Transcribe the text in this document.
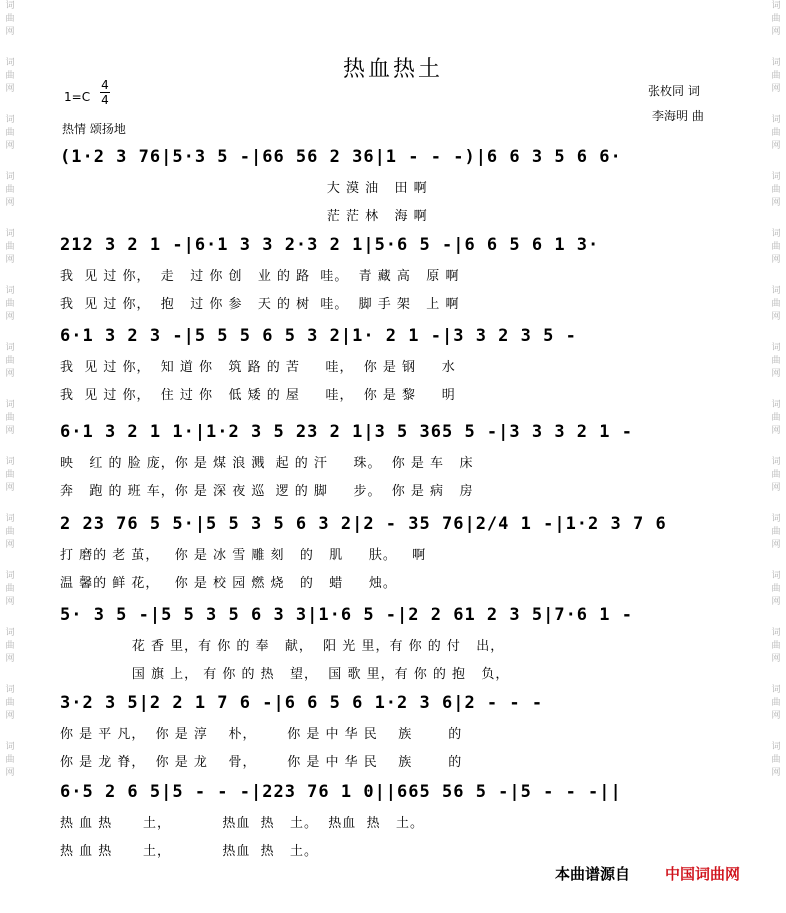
词
曲
网
词
曲
网
词
曲
网
词
曲
网
词
曲
网
词
曲
网
词
曲
网
词
曲
网
词
曲
网
词
曲
网
词
曲
网
词
曲
网
词
曲
网
词
曲
网
词
曲
网
词
曲
网
词
曲
网
词
曲
网
词
曲
网
词
曲
网
词
曲
网
词
曲
网
词
曲
网
词
曲
网
词
曲
网
词
曲
网
词
曲
网
词
曲
网
热血热土
1=C
4
4
热情 颂扬地
张枚同 词
李海明 曲
(1·2 3 76|5·3 5 -|66 56 2 36|1 - - -)|6 6 3 5 6 6·
大 漠 油   田 啊
茫 茫 林   海 啊
212 3 2 1 -|6·1 3 3 2·3 2 1|5·6 5 -|6 6 5 6 1 3·
我  见 过 你，  走   过 你 创   业 的 路  哇。  青 藏 高   原 啊
我  见 过 你，  抱   过 你 参   天 的 树  哇。  脚 手 架   上 啊
6·1 3 2 3 -|5 5 5 6 5 3 2|1· 2 1 -|3 3 2 3 5 -
我  见 过 你，  知 道 你   筑 路 的 苦     哇，  你 是 钢     水
我  见 过 你，  住 过 你   低 矮 的 屋     哇，  你 是 黎     明
6·1 3 2 1 1·|1·2 3 5 23 2 1|3 5 365 5 -|3 3 3 2 1 -
映   红 的 脸 庞，你 是 煤 浪 溅  起 的 汗     珠。  你 是 车   床
奔   跑 的 班 车，你 是 深 夜 巡  逻 的 脚     步。  你 是 病   房
2 23 76 5 5·|5 5 3 5 6 3 2|2 - 35 76|2/4 1 -|1·2 3 7 6
打 磨的 老 茧，   你 是 冰 雪 雕 刻   的   肌     肤。   啊
温 馨的 鲜 花，   你 是 校 园 燃 烧   的   蜡     烛。
5· 3 5 -|5 5 3 5 6 3 3|1·6 5 -|2 2 61 2 3 5|7·6 1 -
花 香 里，有 你 的 奉   献，  阳 光 里，有 你 的 付   出，
国 旗 上， 有 你 的 热   望，  国 歌 里，有 你 的 抱   负，
3·2 3 5|2 2 1 7 6 -|6 6 5 6 1·2 3 6|2 - - -
你 是 平 凡，  你 是 淳    朴，      你 是 中 华 民    族       的
你 是 龙 脊，  你 是 龙    骨，      你 是 中 华 民    族       的
6·5 2 6 5|5 - - -|223 76 1 0||665 56 5 -|5 - - -||
热 血 热      土，          热血  热   土。  热血  热   土。
热 血 热      土，          热血  热   土。
本曲谱源自 中国词曲网
